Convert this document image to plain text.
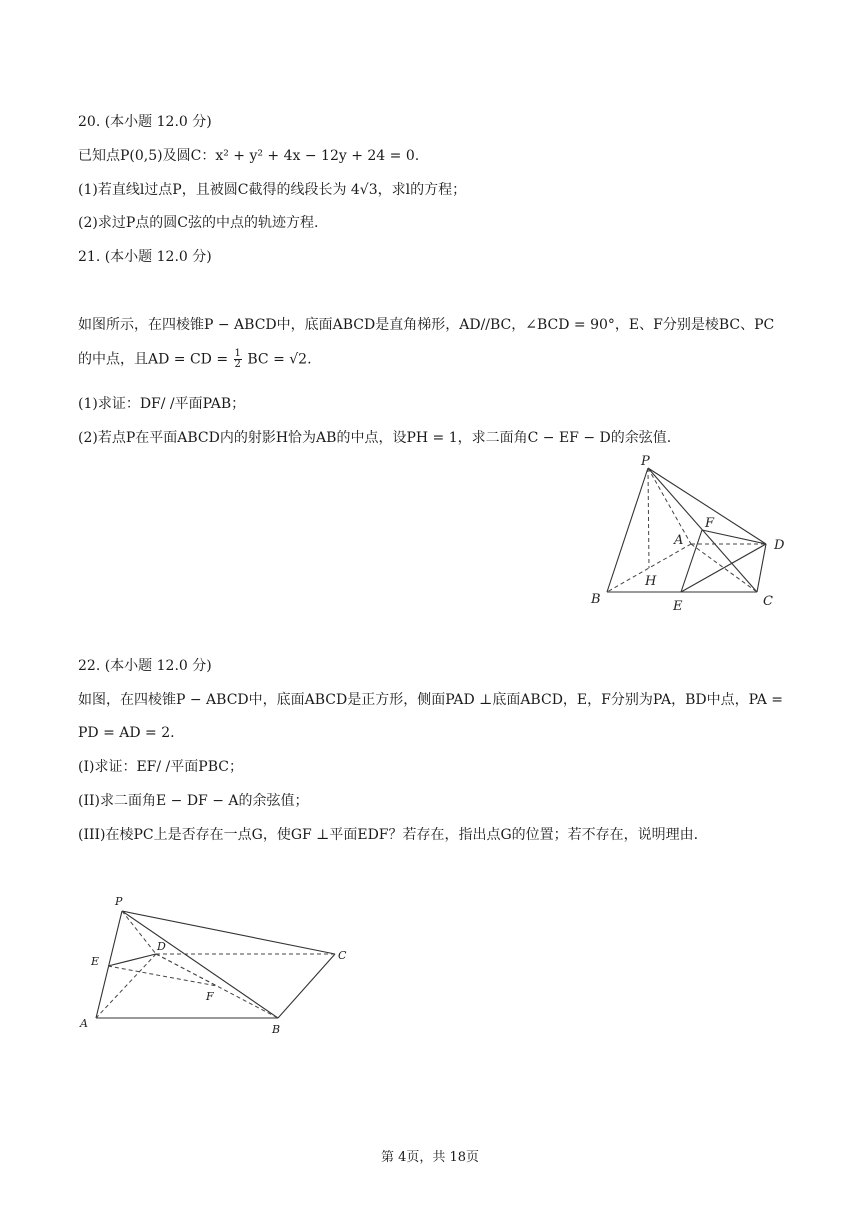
20. (本小题 12.0 分)
已知点P(0,5)及圆C：x² + y² + 4x − 12y + 24 = 0.
(1)若直线l过点P，且被圆C截得的线段长为 4√3，求l的方程；
(2)求过P点的圆C弦的中点的轨迹方程.
21. (本小题 12.0 分)
如图所示，在四棱锥P − ABCD中，底面ABCD是直角梯形，AD//BC，∠BCD = 90°，E、F分别是棱BC、PC
的中点，且AD = CD = $\frac{1}{2}$ BC = √2.
(1)求证：DF/ /平面PAB；
(2)若点P在平面ABCD内的射影H恰为AB的中点，设PH = 1，求二面角C − EF − D的余弦值.
P
F
A	D
H
B	E	C
22. (本小题 12.0 分)
如图，在四棱锥P − ABCD中，底面ABCD是正方形，侧面PAD ⊥底面ABCD，E，F分别为PA，BD中点，PA =
PD = AD = 2.
(I)求证：EF/ /平面PBC；
(II)求二面角E − DF − A的余弦值；
(III)在棱PC上是否存在一点G，使GF ⊥平面EDF？若存在，指出点G的位置；若不存在，说明理由.
P
D
C
E
F
A	B
第 4页，共 18页
